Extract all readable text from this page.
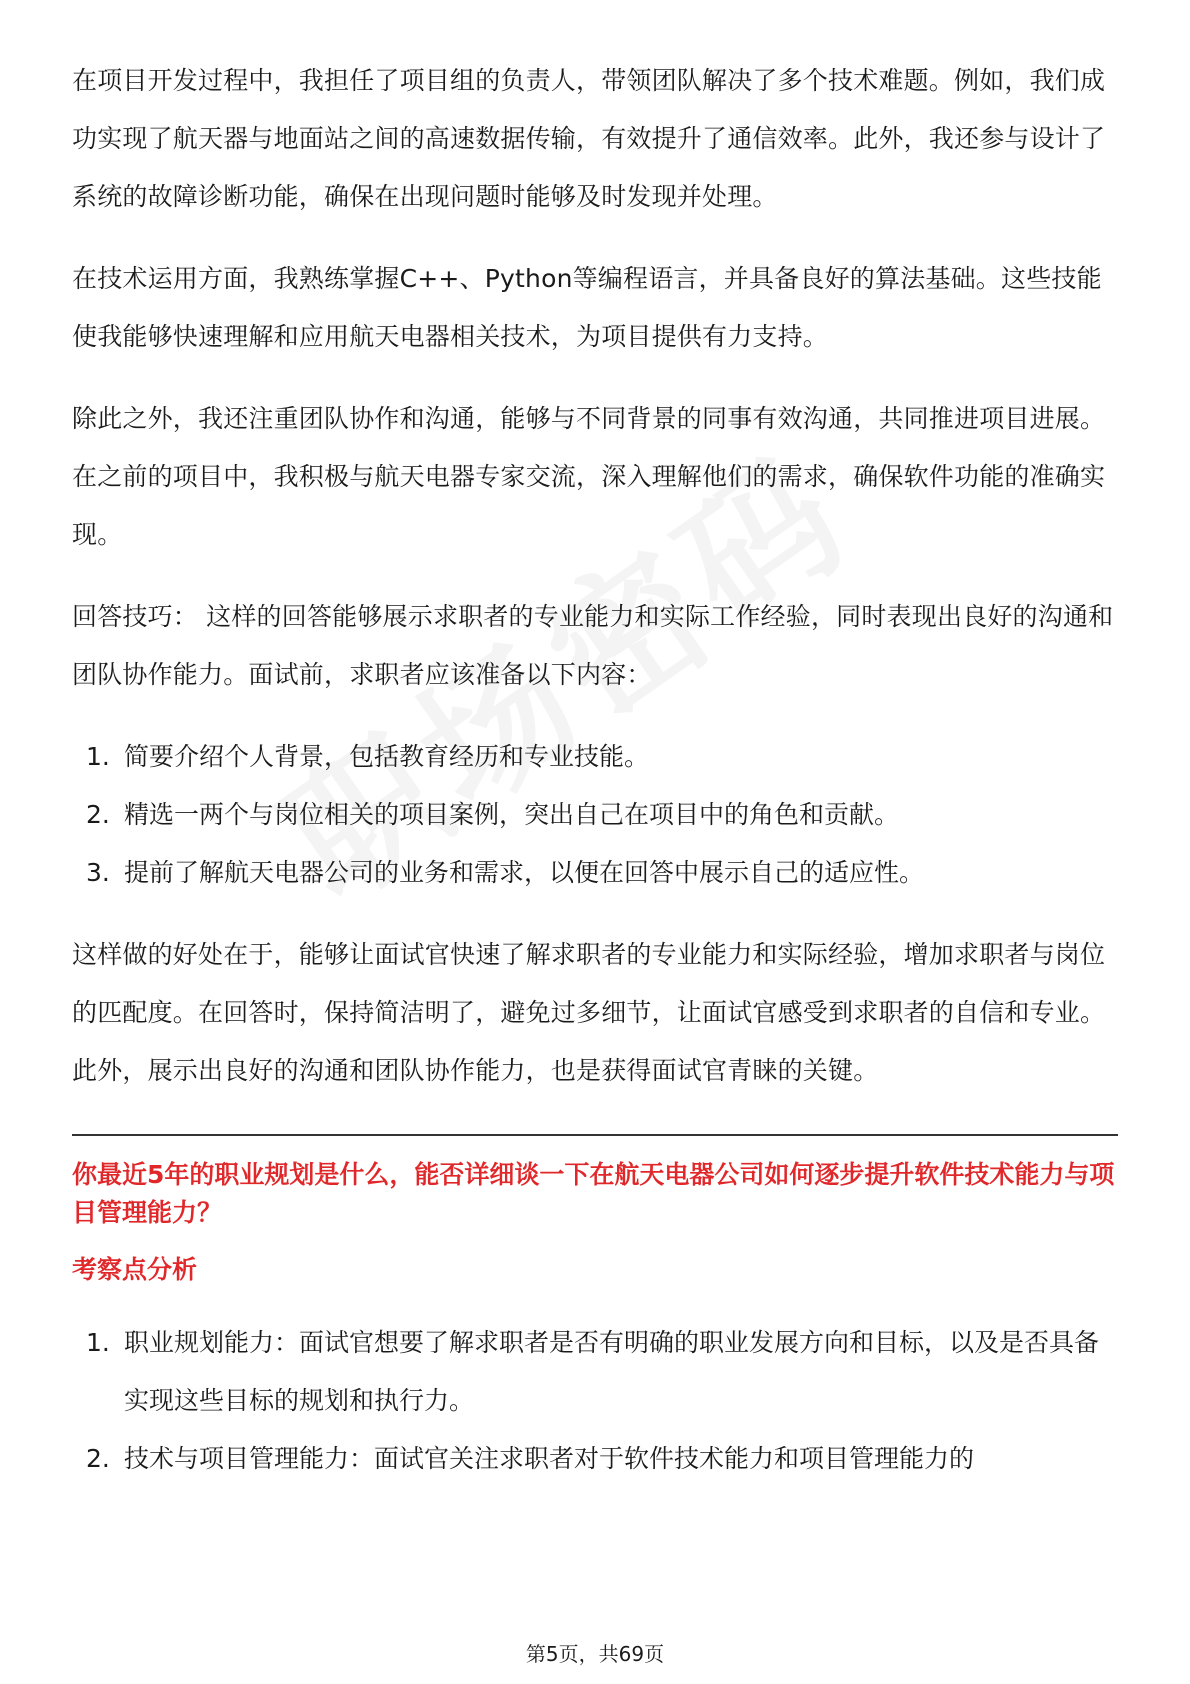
在项目开发过程中，我担任了项目组的负责人，带领团队解决了多个技术难题。例如，我们成功实现了航天器与地面站之间的高速数据传输，有效提升了通信效率。此外，我还参与设计了系统的故障诊断功能，确保在出现问题时能够及时发现并处理。

在技术运用方面，我熟练掌握C++、Python等编程语言，并具备良好的算法基础。这些技能使我能够快速理解和应用航天电器相关技术，为项目提供有力支持。

除此之外，我还注重团队协作和沟通，能够与不同背景的同事有效沟通，共同推进项目进展。在之前的项目中，我积极与航天电器专家交流，深入理解他们的需求，确保软件功能的准确实现。

回答技巧： 这样的回答能够展示求职者的专业能力和实际工作经验，同时表现出良好的沟通和团队协作能力。面试前，求职者应该准备以下内容：

1. 简要介绍个人背景，包括教育经历和专业技能。
2. 精选一两个与岗位相关的项目案例，突出自己在项目中的角色和贡献。
3. 提前了解航天电器公司的业务和需求，以便在回答中展示自己的适应性。

这样做的好处在于，能够让面试官快速了解求职者的专业能力和实际经验，增加求职者与岗位的匹配度。在回答时，保持简洁明了，避免过多细节，让面试官感受到求职者的自信和专业。此外，展示出良好的沟通和团队协作能力，也是获得面试官青睐的关键。

你最近5年的职业规划是什么，能否详细谈一下在航天电器公司如何逐步提升软件技术能力与项目管理能力？
考察点分析
1. 职业规划能力：面试官想要了解求职者是否有明确的职业发展方向和目标，以及是否具备实现这些目标的规划和执行力。
2. 技术与项目管理能力：面试官关注求职者对于软件技术能力和项目管理能力的
第5页，共69页
